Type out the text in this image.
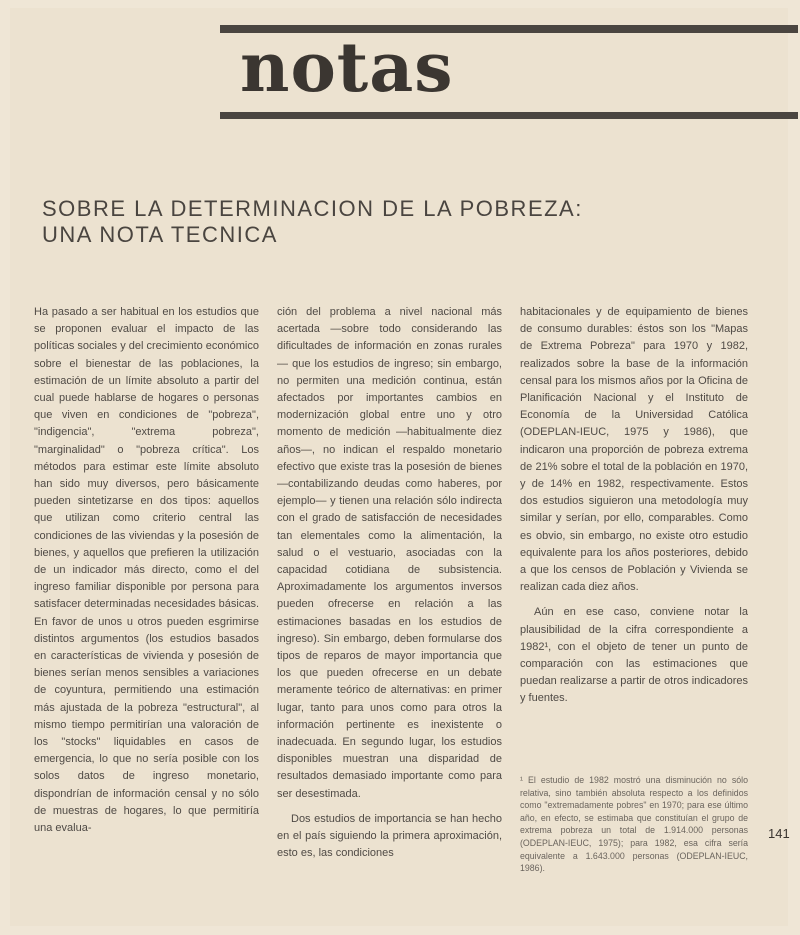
notas
SOBRE LA DETERMINACION DE LA POBREZA:
UNA NOTA TECNICA

Ha pasado a ser habitual en los estudios que se proponen evaluar el impacto de las políticas sociales y del crecimiento económico sobre el bienestar de las poblaciones, la estimación de un límite absoluto a partir del cual puede hablarse de hogares o personas que viven en condiciones de "pobreza", "indigencia", "extrema pobreza", "marginalidad" o "pobreza crítica". Los métodos para estimar este límite absoluto han sido muy diversos, pero básicamente pueden sintetizarse en dos tipos: aquellos que utilizan como criterio central las condiciones de las viviendas y la posesión de bienes, y aquellos que prefieren la utilización de un indicador más directo, como el del ingreso familiar disponible por persona para satisfacer determinadas necesidades básicas. En favor de unos u otros pueden esgrimirse distintos argumentos (los estudios basados en características de vivienda y posesión de bienes serían menos sensibles a variaciones de coyuntura, permitiendo una estimación más ajustada de la pobreza "estructural", al mismo tiempo permitirían una valoración de los "stocks" liquidables en casos de emergencia, lo que no sería posible con los solos datos de ingreso monetario, dispondrían de información censal y no sólo de muestras de hogares, lo que permitiría una evalua-

ción del problema a nivel nacional más acertada —sobre todo considerando las dificultades de información en zonas rurales— que los estudios de ingreso; sin embargo, no permiten una medición continua, están afectados por importantes cambios en modernización global entre uno y otro momento de medición —habitualmente diez años—, no indican el respaldo monetario efectivo que existe tras la posesión de bienes —contabilizando deudas como haberes, por ejemplo— y tienen una relación sólo indirecta con el grado de satisfacción de necesidades tan elementales como la alimentación, la salud o el vestuario, asociadas con la capacidad cotidiana de subsistencia. Aproximadamente los argumentos inversos pueden ofrecerse en relación a las estimaciones basadas en los estudios de ingreso). Sin embargo, deben formularse dos tipos de reparos de mayor importancia que los que pueden ofrecerse en un debate meramente teórico de alternativas: en primer lugar, tanto para unos como para otros la información pertinente es inexistente o inadecuada. En segundo lugar, los estudios disponibles muestran una disparidad de resultados demasiado importante como para ser desestimada.

Dos estudios de importancia se han hecho en el país siguiendo la primera aproximación, esto es, las condiciones

habitacionales y de equipamiento de bienes de consumo durables: éstos son los "Mapas de Extrema Pobreza" para 1970 y 1982, realizados sobre la base de la información censal para los mismos años por la Oficina de Planificación Nacional y el Instituto de Economía de la Universidad Católica (ODEPLAN-IEUC, 1975 y 1986), que indicaron una proporción de pobreza extrema de 21% sobre el total de la población en 1970, y de 14% en 1982, respectivamente. Estos dos estudios siguieron una metodología muy similar y serían, por ello, comparables. Como es obvio, sin embargo, no existe otro estudio equivalente para los años posteriores, debido a que los censos de Población y Vivienda se realizan cada diez años.

Aún en ese caso, conviene notar la plausibilidad de la cifra correspondiente a 1982¹, con el objeto de tener un punto de comparación con las estimaciones que puedan realizarse a partir de otros indicadores y fuentes.

¹ El estudio de 1982 mostró una disminución no sólo relativa, sino también absoluta respecto a los definidos como "extremadamente pobres" en 1970; para ese último año, en efecto, se estimaba que constituían el grupo de extrema pobreza un total de 1.914.000 personas (ODEPLAN-IEUC, 1975); para 1982, esa cifra sería equivalente a 1.643.000 personas (ODEPLAN-IEUC, 1986).
141
